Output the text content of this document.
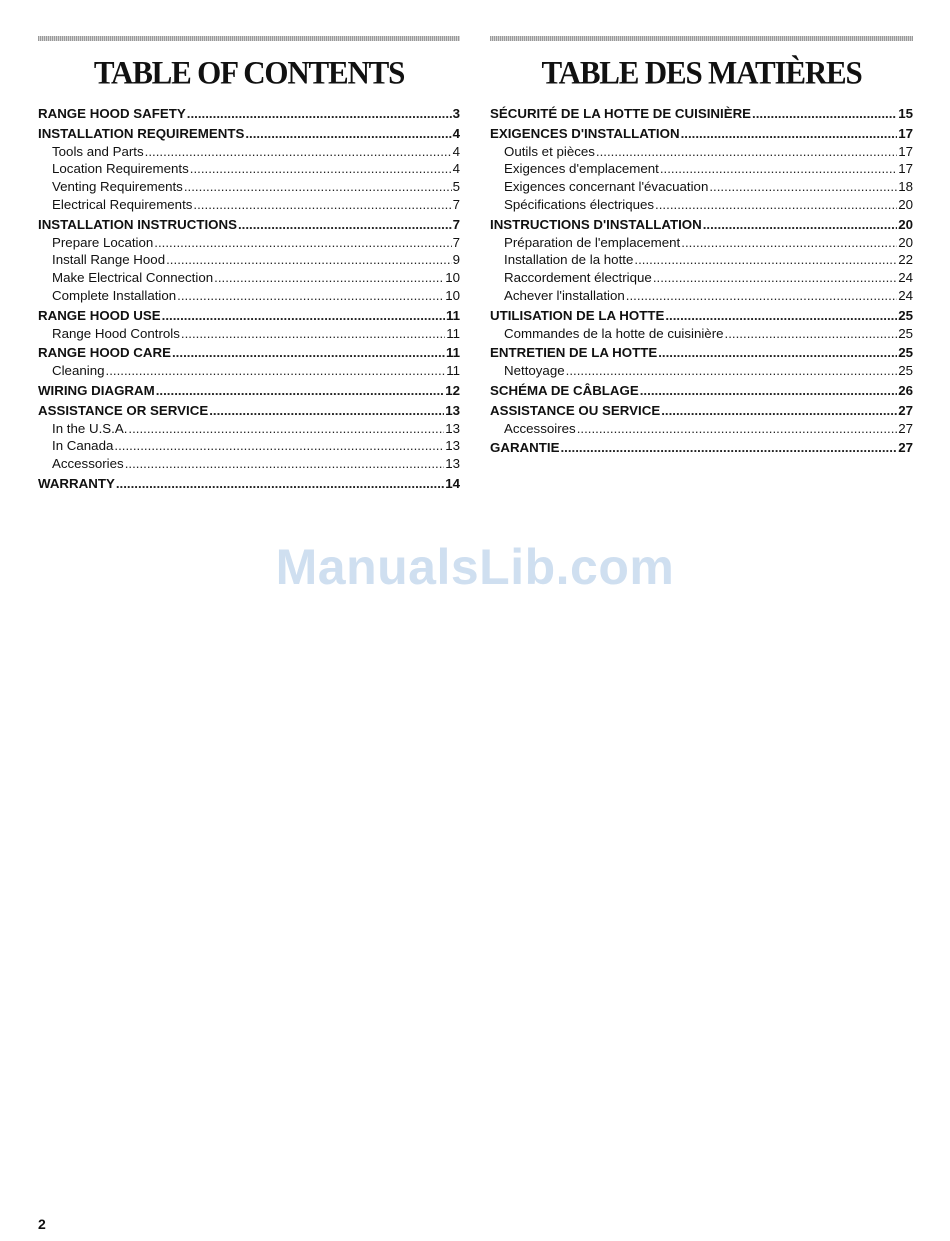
TABLE OF CONTENTS
RANGE HOOD SAFETY .....	3
INSTALLATION REQUIREMENTS .....	4
Tools and Parts .....	4
Location Requirements .....	4
Venting Requirements .....	5
Electrical Requirements .....	7
INSTALLATION INSTRUCTIONS .....	7
Prepare Location .....	7
Install Range Hood .....	9
Make Electrical Connection .....	10
Complete Installation .....	10
RANGE HOOD USE .....	11
Range Hood Controls .....	11
RANGE HOOD CARE .....	11
Cleaning .....	11
WIRING DIAGRAM .....	12
ASSISTANCE OR SERVICE .....	13
In the U.S.A. .....	13
In Canada .....	13
Accessories .....	13
WARRANTY .....	14
TABLE DES MATIÈRES
SÉCURITÉ DE LA HOTTE DE CUISINIÈRE .....	15
EXIGENCES D'INSTALLATION .....	17
Outils et pièces .....	17
Exigences d'emplacement .....	17
Exigences concernant l'évacuation .....	18
Spécifications électriques .....	20
INSTRUCTIONS D'INSTALLATION .....	20
Préparation de l'emplacement .....	20
Installation de la hotte .....	22
Raccordement électrique .....	24
Achever l'installation .....	24
UTILISATION DE LA HOTTE .....	25
Commandes de la hotte de cuisinière .....	25
ENTRETIEN DE LA HOTTE .....	25
Nettoyage .....	25
SCHÉMA DE CÂBLAGE .....	26
ASSISTANCE OU SERVICE .....	27
Accessoires .....	27
GARANTIE .....	27
ManualsLib.com
2
